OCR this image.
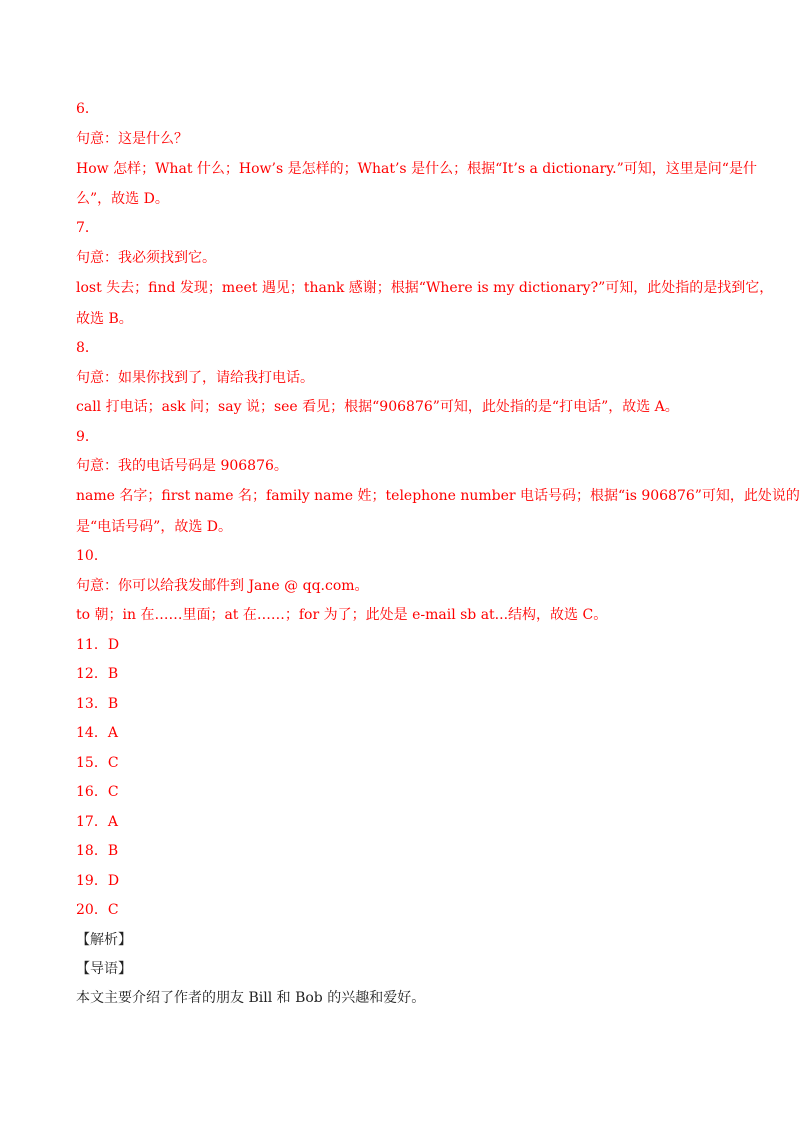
6．
句意：这是什么？
How 怎样；What 什么；How’s 是怎样的；What’s 是什么；根据“It’s a dictionary.”可知，这里是问“是什
么”，故选 D。
7．
句意：我必须找到它。
lost 失去；find 发现；meet 遇见；thank 感谢；根据“Where is my dictionary?”可知，此处指的是找到它，
故选 B。
8．
句意：如果你找到了，请给我打电话。
call 打电话；ask 问；say 说；see 看见；根据“906876”可知，此处指的是“打电话”，故选 A。
9．
句意：我的电话号码是 906876。
name 名字；first name 名；family name 姓；telephone number 电话号码；根据“is 906876”可知，此处说的
是“电话号码”，故选 D。
10．
句意：你可以给我发邮件到 Jane @ qq.com。
to 朝；in 在……里面；at 在……；for 为了；此处是 e-mail sb at...结构，故选 C。
11．D
12．B
13．B
14．A
15．C
16．C
17．A
18．B
19．D
20．C
【解析】
【导语】
本文主要介绍了作者的朋友 Bill 和 Bob 的兴趣和爱好。
